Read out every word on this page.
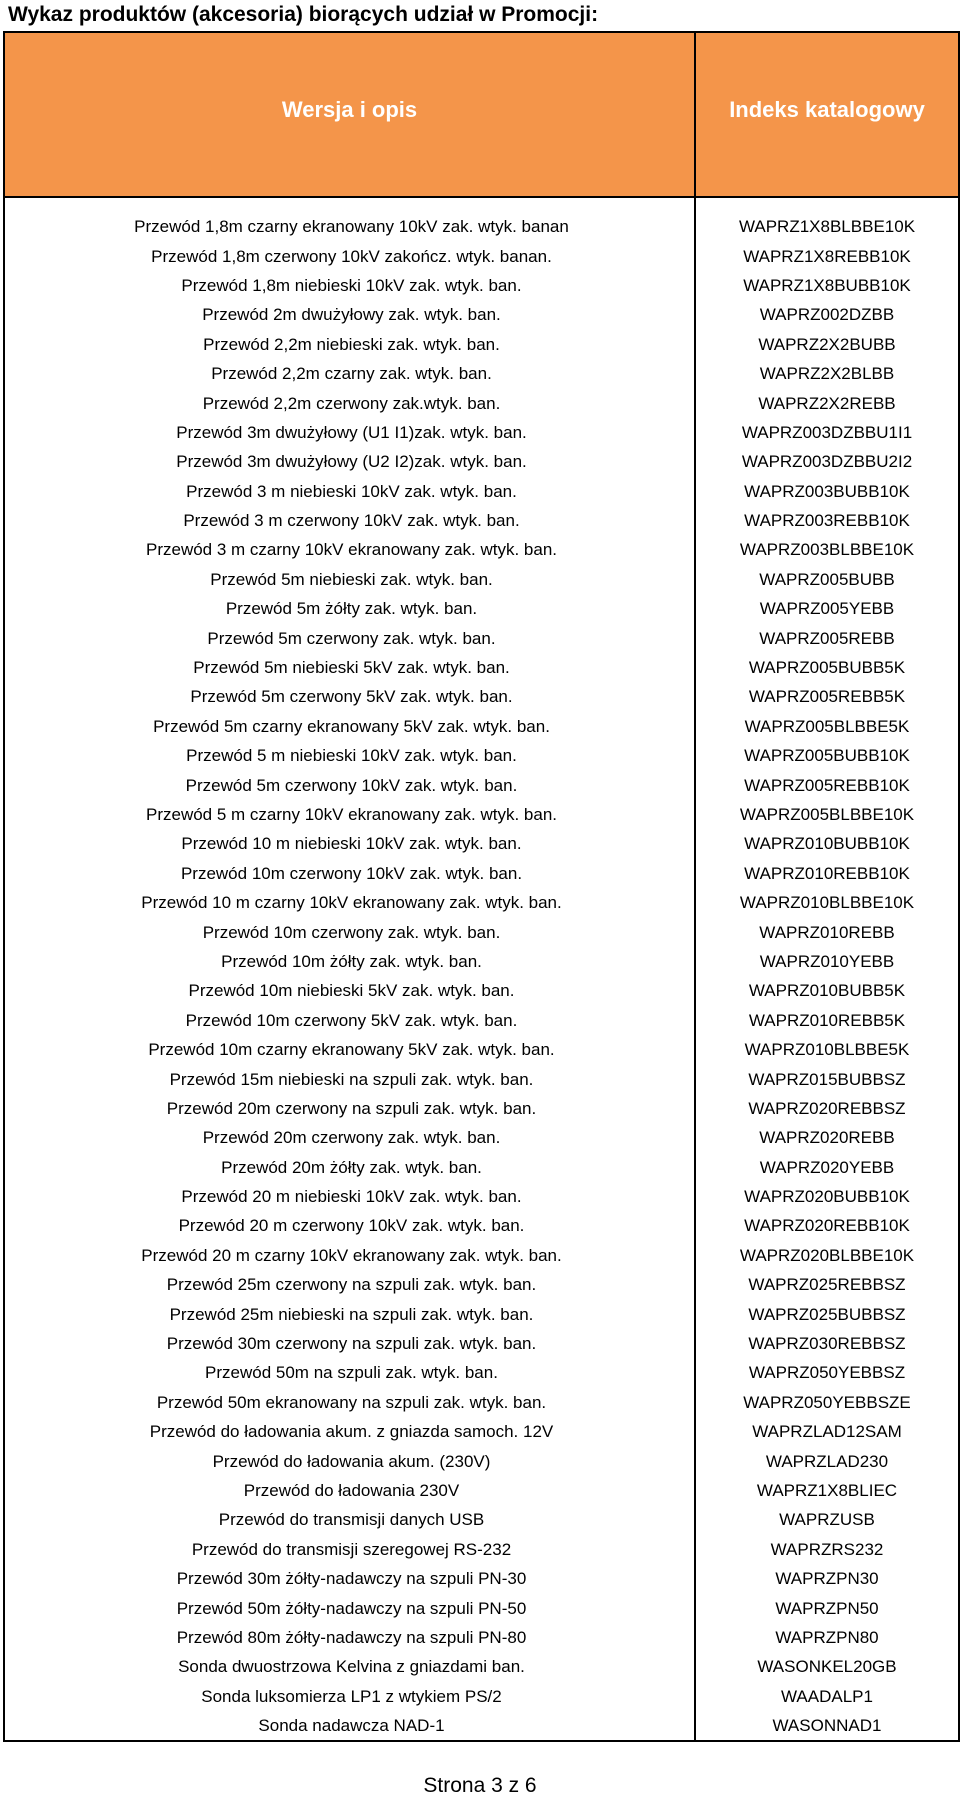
Wykaz produktów (akcesoria) biorących udział w Promocji:
Wersja i opis	Indeks katalogowy
Przewód 1,8m czarny ekranowany 10kV zak. wtyk. banan	WAPRZ1X8BLBBE10K
Przewód 1,8m czerwony 10kV zakończ. wtyk. banan.	WAPRZ1X8REBB10K
Przewód 1,8m niebieski 10kV zak. wtyk. ban.	WAPRZ1X8BUBB10K
Przewód 2m dwużyłowy zak. wtyk. ban.	WAPRZ002DZBB
Przewód 2,2m niebieski zak. wtyk. ban.	WAPRZ2X2BUBB
Przewód 2,2m czarny zak. wtyk. ban.	WAPRZ2X2BLBB
Przewód 2,2m czerwony zak.wtyk. ban.	WAPRZ2X2REBB
Przewód 3m dwużyłowy (U1 I1)zak. wtyk. ban.	WAPRZ003DZBBU1I1
Przewód 3m dwużyłowy (U2 I2)zak. wtyk. ban.	WAPRZ003DZBBU2I2
Przewód 3 m niebieski 10kV zak. wtyk. ban.	WAPRZ003BUBB10K
Przewód 3 m czerwony 10kV zak. wtyk. ban.	WAPRZ003REBB10K
Przewód 3 m czarny 10kV ekranowany zak. wtyk. ban.	WAPRZ003BLBBE10K
Przewód 5m niebieski zak. wtyk. ban.	WAPRZ005BUBB
Przewód 5m żółty zak. wtyk. ban.	WAPRZ005YEBB
Przewód 5m czerwony zak. wtyk. ban.	WAPRZ005REBB
Przewód 5m niebieski 5kV zak. wtyk. ban.	WAPRZ005BUBB5K
Przewód 5m czerwony 5kV zak. wtyk. ban.	WAPRZ005REBB5K
Przewód 5m czarny ekranowany 5kV zak. wtyk. ban.	WAPRZ005BLBBE5K
Przewód 5 m niebieski 10kV zak. wtyk. ban.	WAPRZ005BUBB10K
Przewód 5m czerwony 10kV zak. wtyk. ban.	WAPRZ005REBB10K
Przewód 5 m czarny 10kV ekranowany zak. wtyk. ban.	WAPRZ005BLBBE10K
Przewód 10 m niebieski 10kV zak. wtyk. ban.	WAPRZ010BUBB10K
Przewód 10m czerwony 10kV zak. wtyk. ban.	WAPRZ010REBB10K
Przewód 10 m czarny 10kV ekranowany zak. wtyk. ban.	WAPRZ010BLBBE10K
Przewód 10m czerwony zak. wtyk. ban.	WAPRZ010REBB
Przewód 10m żółty zak. wtyk. ban.	WAPRZ010YEBB
Przewód 10m niebieski 5kV zak. wtyk. ban.	WAPRZ010BUBB5K
Przewód 10m czerwony 5kV zak. wtyk. ban.	WAPRZ010REBB5K
Przewód 10m czarny ekranowany 5kV zak. wtyk. ban.	WAPRZ010BLBBE5K
Przewód 15m niebieski na szpuli zak. wtyk. ban.	WAPRZ015BUBBSZ
Przewód 20m czerwony na szpuli zak. wtyk. ban.	WAPRZ020REBBSZ
Przewód 20m czerwony zak. wtyk. ban.	WAPRZ020REBB
Przewód 20m żółty zak. wtyk. ban.	WAPRZ020YEBB
Przewód 20 m niebieski 10kV zak. wtyk. ban.	WAPRZ020BUBB10K
Przewód 20 m czerwony 10kV zak. wtyk. ban.	WAPRZ020REBB10K
Przewód 20 m czarny 10kV ekranowany zak. wtyk. ban.	WAPRZ020BLBBE10K
Przewód 25m czerwony na szpuli zak. wtyk. ban.	WAPRZ025REBBSZ
Przewód 25m niebieski na szpuli zak. wtyk. ban.	WAPRZ025BUBBSZ
Przewód 30m czerwony na szpuli zak. wtyk. ban.	WAPRZ030REBBSZ
Przewód 50m na szpuli zak. wtyk. ban.	WAPRZ050YEBBSZ
Przewód 50m ekranowany na szpuli zak. wtyk. ban.	WAPRZ050YEBBSZE
Przewód do ładowania akum. z gniazda samoch. 12V	WAPRZLAD12SAM
Przewód do ładowania akum. (230V)	WAPRZLAD230
Przewód do ładowania 230V	WAPRZ1X8BLIEC
Przewód do transmisji danych USB	WAPRZUSB
Przewód do transmisji szeregowej RS-232	WAPRZRS232
Przewód 30m żółty-nadawczy na szpuli PN-30	WAPRZPN30
Przewód 50m żółty-nadawczy na szpuli PN-50	WAPRZPN50
Przewód 80m żółty-nadawczy na szpuli PN-80	WAPRZPN80
Sonda dwuostrzowa Kelvina z gniazdami ban.	WASONKEL20GB
Sonda luksomierza LP1 z wtykiem PS/2	WAADALP1
Sonda nadawcza NAD-1	WASONNAD1
Strona 3 z 6
